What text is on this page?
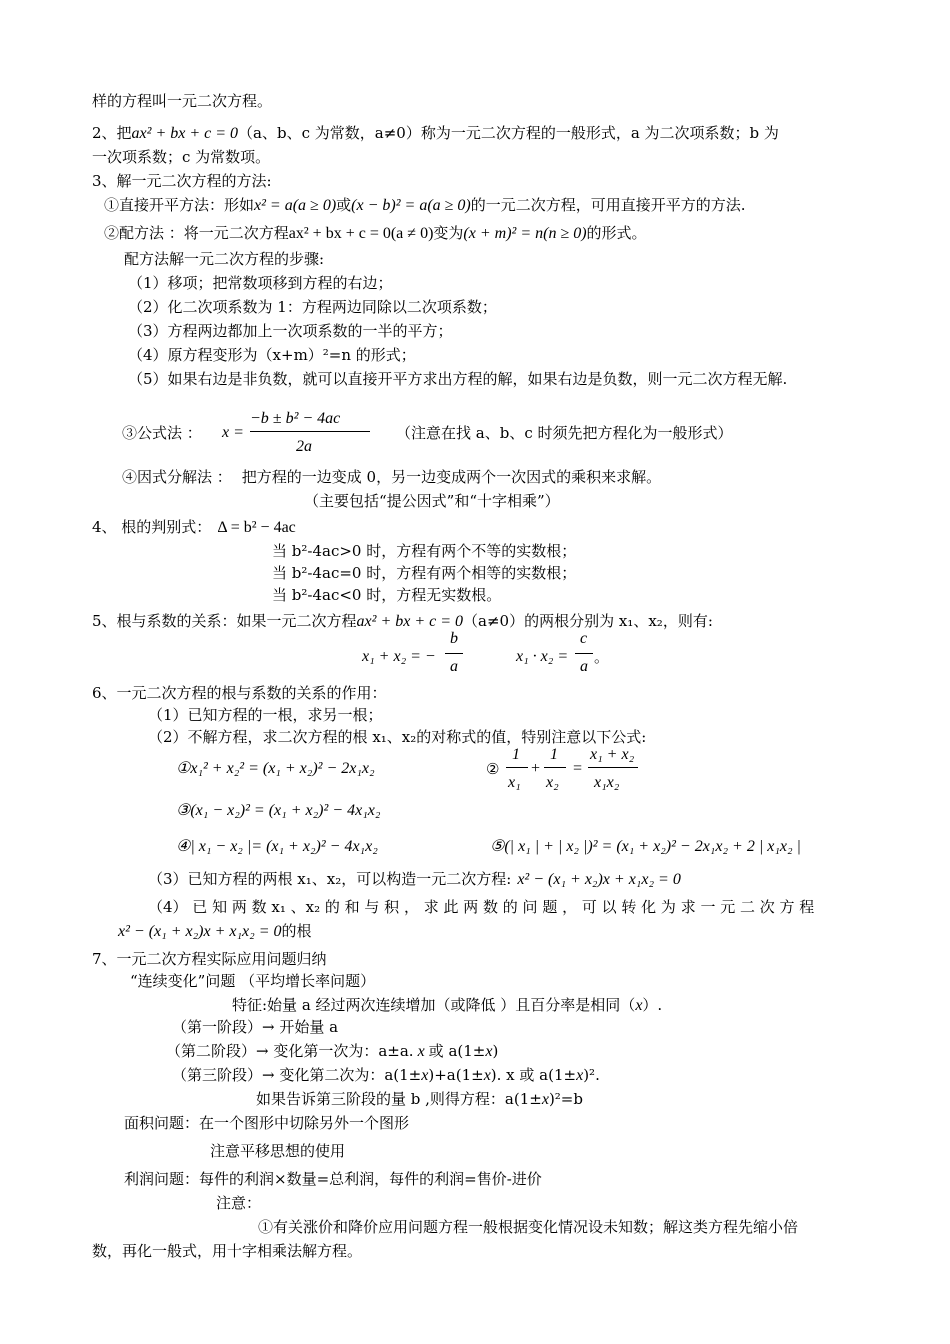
样的方程叫一元二次方程。
2、把ax² + bx + c = 0（a、b、c 为常数，a≠0）称为一元二次方程的一般形式，a 为二次项系数；b 为
一次项系数；c 为常数项。
3、解一元二次方程的方法:
①直接开平方法：形如x² = a(a ≥ 0)或(x − b)² = a(a ≥ 0)的一元二次方程，可用直接开平方的方法.
②配方法 ：将一元二次方程ax² + bx + c = 0(a ≠ 0)变为(x + m)² = n(n ≥ 0)的形式。
配方法解一元二次方程的步骤:
（1）移项；把常数项移到方程的右边；
（2）化二次项系数为 1：方程两边同除以二次项系数；
（3）方程两边都加上一次项系数的一半的平方；
（4）原方程变形为（x+m）²=n 的形式；
（5）如果右边是非负数，就可以直接开平方求出方程的解，如果右边是负数，则一元二次方程无解.
③公式法 ： x =
−b ± b² − 4ac
2a
（注意在找 a、b、c 时须先把方程化为一般形式）
④因式分解法 ： 把方程的一边变成 0，另一边变成两个一次因式的乘积来求解。
（主要包括“提公因式”和“十字相乘”）
4、 根的判别式： Δ = b² − 4ac
当 b²-4ac>0 时，方程有两个不等的实数根；
当 b²-4ac=0 时，方程有两个相等的实数根；
当 b²-4ac<0 时，方程无实数根。
5、根与系数的关系：如果一元二次方程ax² + bx + c = 0（a≠0）的两根分别为 x₁、x₂，则有:
x₁ + x₂ = −
b
a
x₁ · x₂ =
c
a
。
6、一元二次方程的根与系数的关系的作用：
（1）已知方程的一根，求另一根；
（2）不解方程，求二次方程的根 x₁、x₂的对称式的值，特别注意以下公式:
①x₁² + x₂² = (x₁ + x₂)² − 2x₁x₂	②
1
x₁
+
1
x₂
=
x₁ + x₂
x₁x₂
③(x₁ − x₂)² = (x₁ + x₂)² − 4x₁x₂
④| x₁ − x₂ |= (x₁ + x₂)² − 4x₁x₂	⑤(| x₁ | + | x₂ |)² = (x₁ + x₂)² − 2x₁x₂ + 2 | x₁x₂ |
（3）已知方程的两根 x₁、x₂，可以构造一元二次方程: x² − (x₁ + x₂)x + x₁x₂ = 0
（4） 已 知 两 数 x₁ 、x₂ 的 和 与 积 ， 求 此 两 数 的 问 题 ， 可 以 转 化 为 求 一 元 二 次 方 程
x² − (x₁ + x₂)x + x₁x₂ = 0的根
7、一元二次方程实际应用问题归纳
“连续变化”问题 （平均增长率问题）
特征:始量 a 经过两次连续增加（或降低 ）且百分率是相同（x）.
（第一阶段）→ 开始量 a
（第二阶段）→ 变化第一次为：a±a. x 或 a(1±x)
（第三阶段）→ 变化第二次为：a(1±x)+a(1±x). x 或 a(1±x)².
如果告诉第三阶段的量 b ,则得方程：a(1±x)²=b
面积问题：在一个图形中切除另外一个图形
注意平移思想的使用
利润问题：每件的利润×数量=总利润，每件的利润=售价-进价
注意：
①有关涨价和降价应用问题方程一般根据变化情况设未知数；解这类方程先缩小倍
数，再化一般式，用十字相乘法解方程。
